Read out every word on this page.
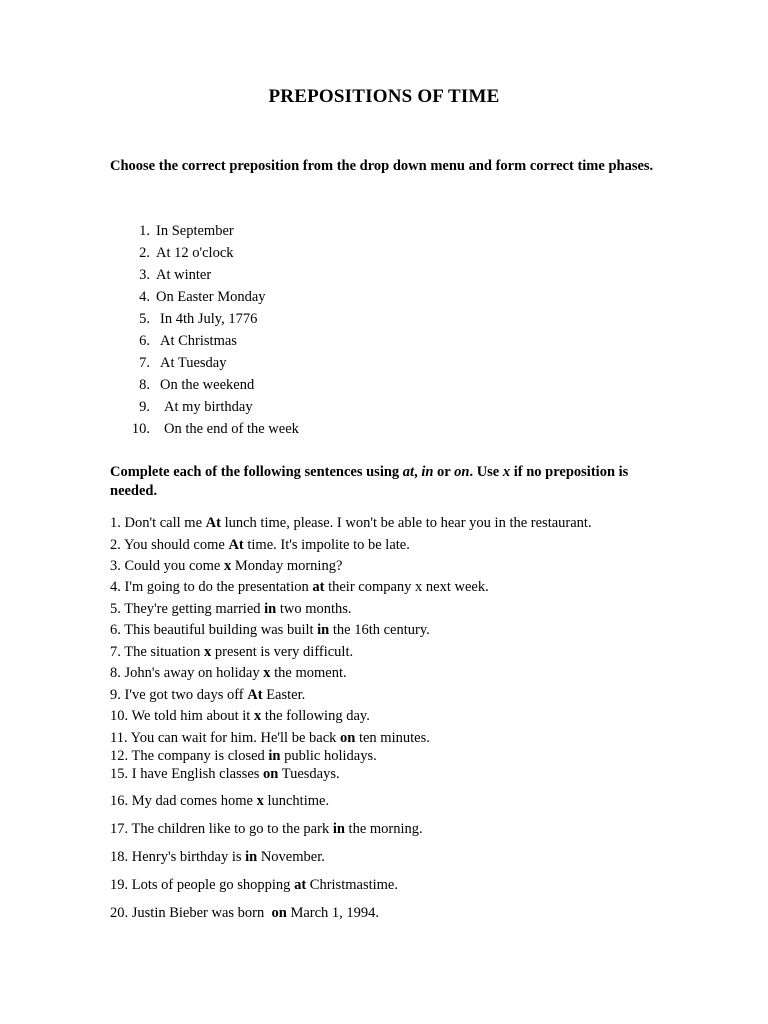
PREPOSITIONS OF TIME
Choose the correct preposition from the drop down menu and form correct time phases.
1. In September
2. At 12 o'clock
3. At winter
4. On Easter Monday
5. In 4th July, 1776
6. At Christmas
7. At Tuesday
8. On the weekend
9. At my birthday
10. On the end of the week
Complete each of the following sentences using at, in or on. Use x if no preposition is needed.
1. Don't call me At lunch time, please. I won't be able to hear you in the restaurant.
2. You should come At time. It's impolite to be late.
3. Could you come x Monday morning?
4. I'm going to do the presentation at their company x next week.
5. They're getting married in two months.
6. This beautiful building was built in the 16th century.
7. The situation x present is very difficult.
8. John's away on holiday x the moment.
9. I've got two days off At Easter.
10. We told him about it x the following day.
11. You can wait for him. He'll be back on ten minutes.
12. The company is closed in public holidays.
15. I have English classes on Tuesdays.
16. My dad comes home x lunchtime.
17. The children like to go to the park in the morning.
18. Henry's birthday is in November.
19. Lots of people go shopping at Christmastime.
20. Justin Bieber was born  on March 1, 1994.
